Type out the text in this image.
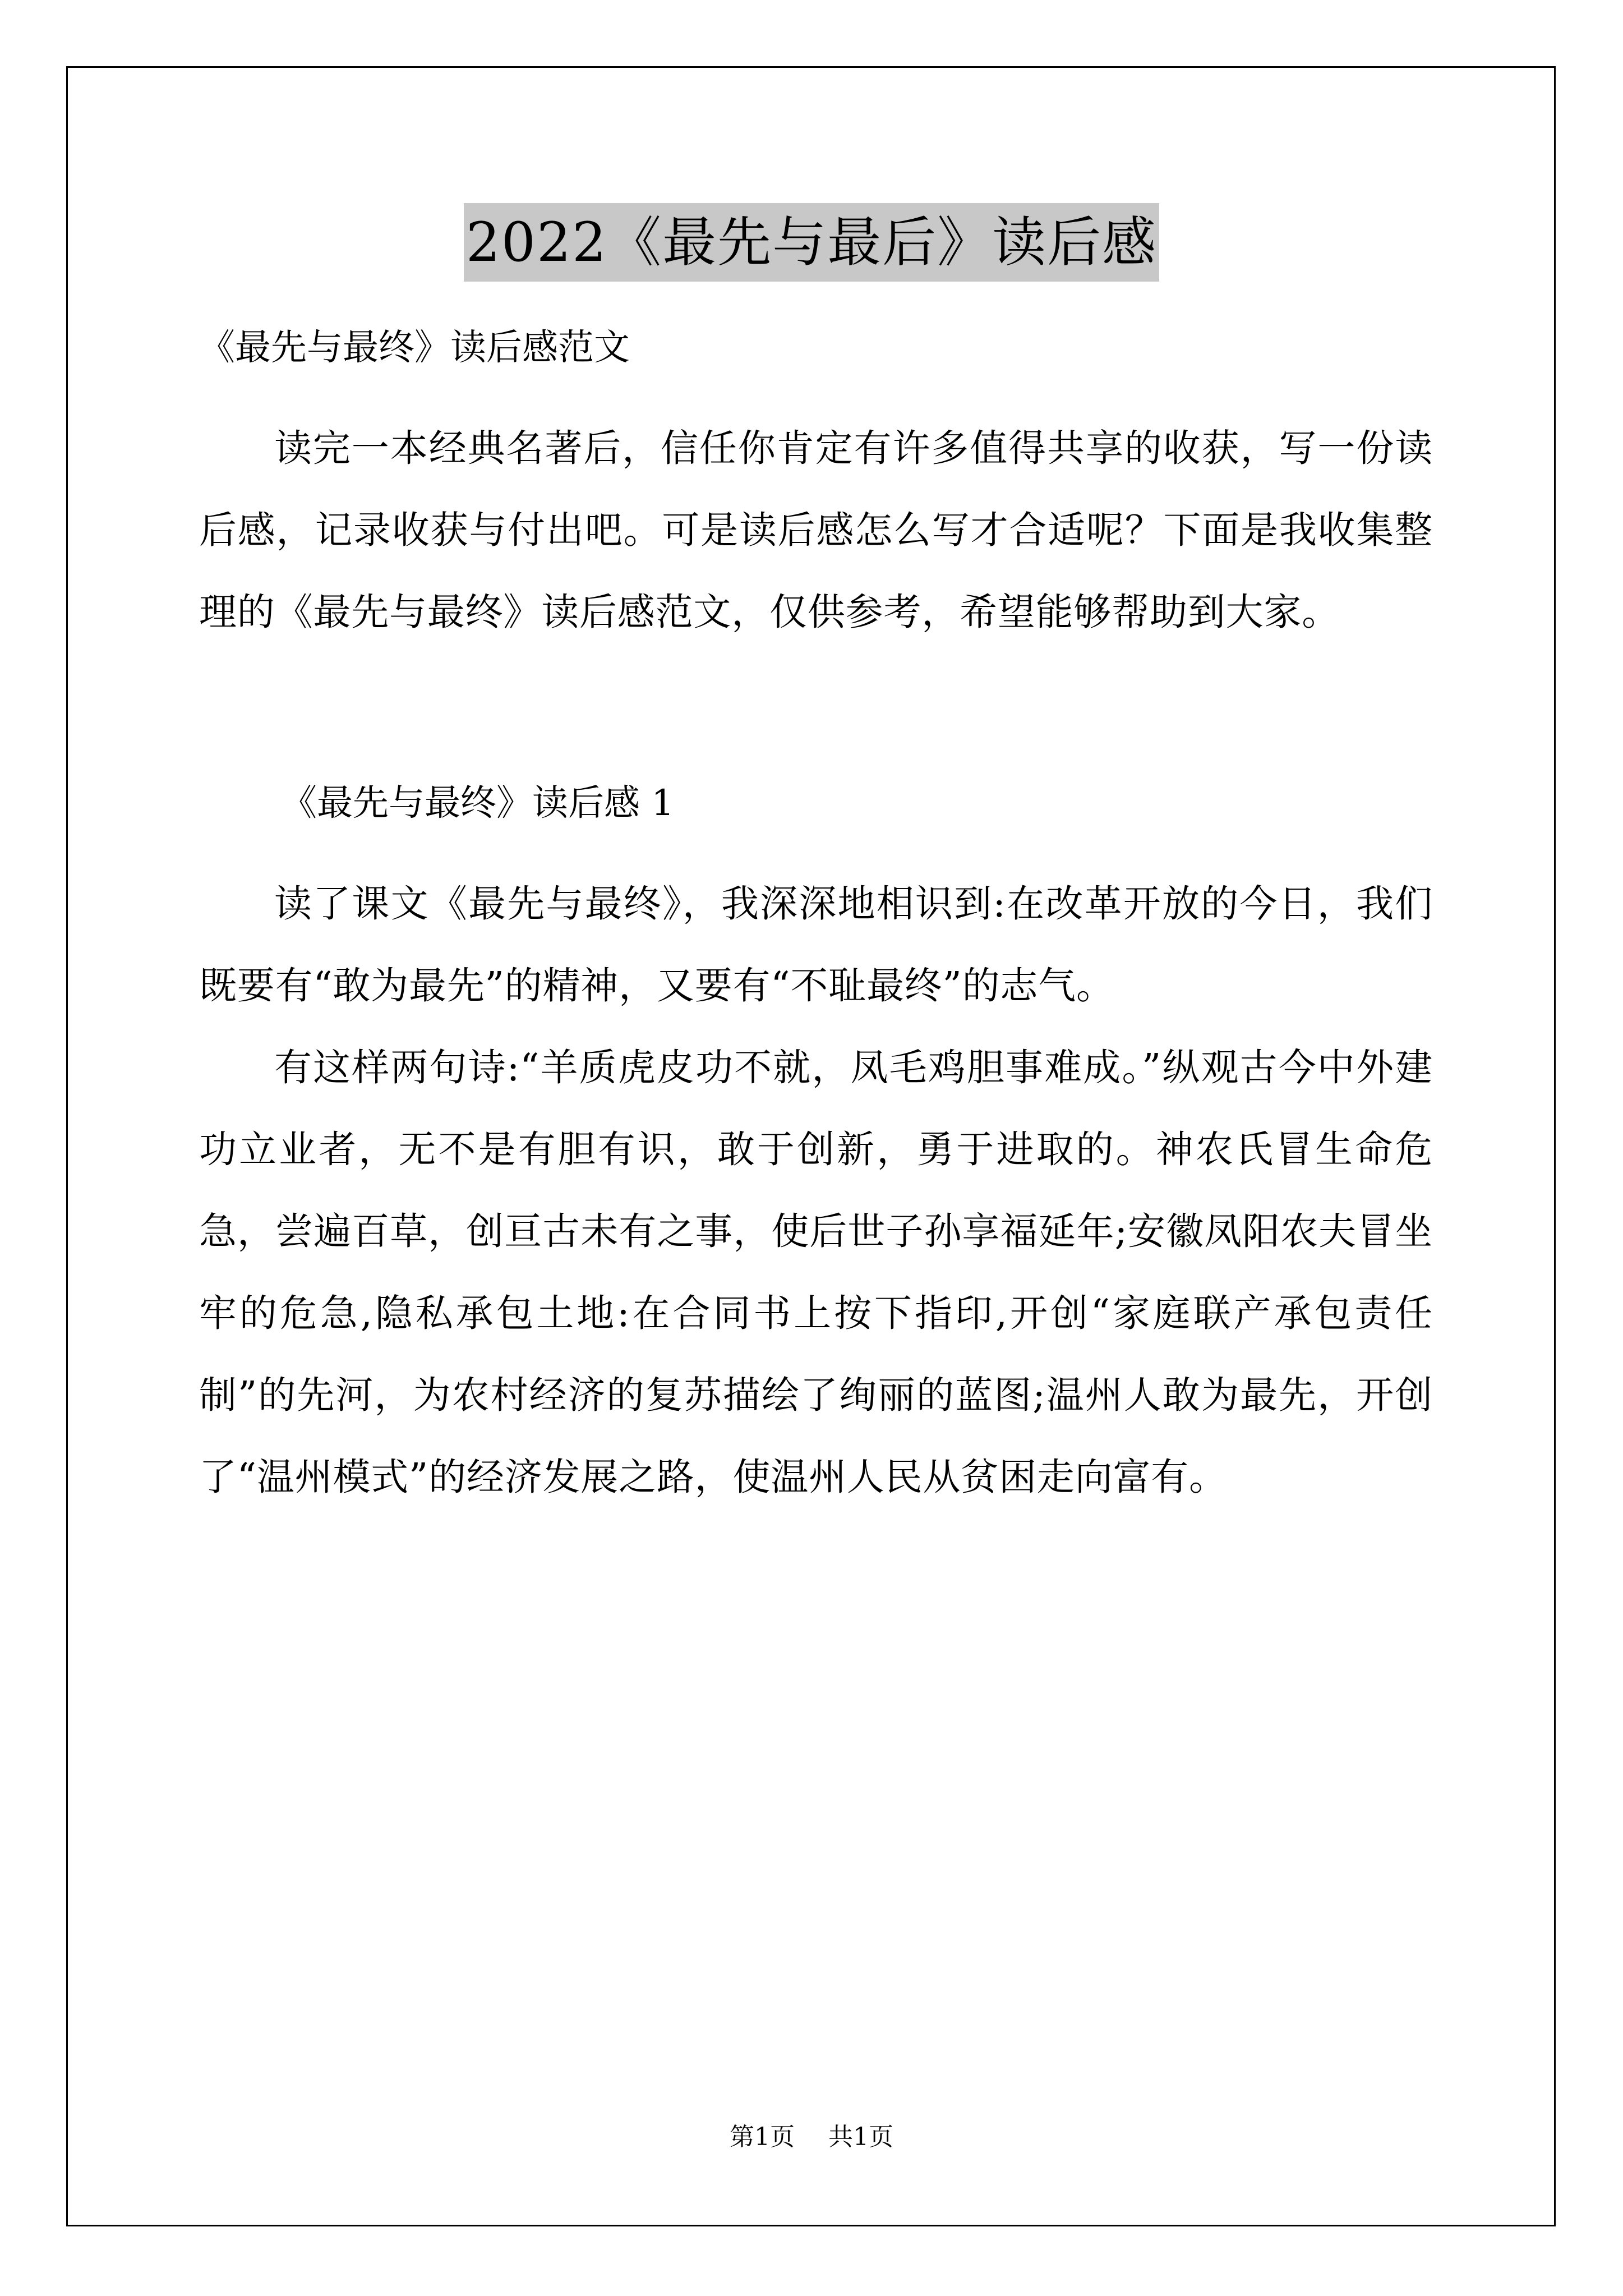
2022《最先与最后》读后感
《最先与最终》读后感范文

读完一本经典名著后，信任你肯定有许多值得共享的收获，写一份读后感，记录收获与付出吧。可是读后感怎么写才合适呢？下面是我收集整理的《最先与最终》读后感范文，仅供参考，希望能够帮助到大家。

《最先与最终》读后感 1

读了课文《最先与最终》，我深深地相识到:在改革开放的今日，我们既要有“敢为最先”的精神，又要有“不耻最终”的志气。

有这样两句诗:“羊质虎皮功不就，凤毛鸡胆事难成。”纵观古今中外建功立业者，无不是有胆有识，敢于创新，勇于进取的。神农氏冒生命危急，尝遍百草，创亘古未有之事，使后世子孙享福延年;安徽凤阳农夫冒坐牢的危急,隐私承包土地:在合同书上按下指印,开创“家庭联产承包责任制”的先河，为农村经济的复苏描绘了绚丽的蓝图;温州人敢为最先，开创了“温州模式”的经济发展之路，使温州人民从贫困走向富有。

第1页 共1页
